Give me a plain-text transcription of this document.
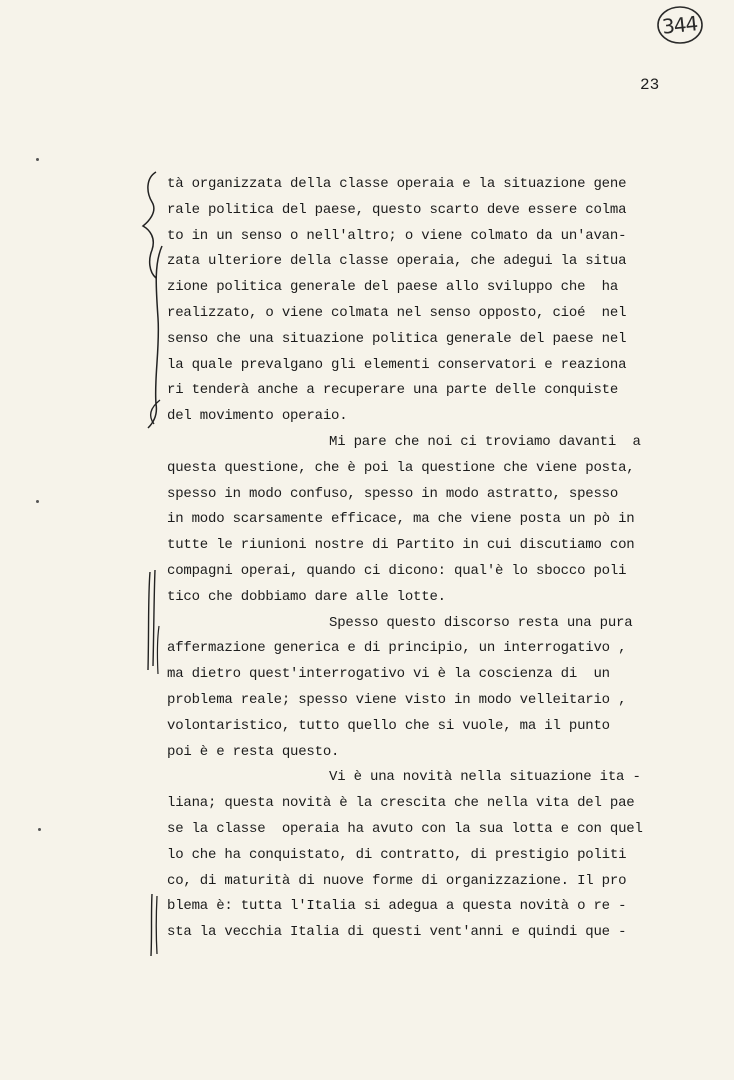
344
23
tà organizzata della classe operaia e la situazione gene
rale politica del paese, questo scarto deve essere colma
to in un senso o nell'altro; o viene colmato da un'avan-
zata ulteriore della classe operaia, che adegui la situa
zione politica generale del paese allo sviluppo che  ha
realizzato, o viene colmata nel senso opposto, cioé  nel
senso che una situazione politica generale del paese nel
la quale prevalgano gli elementi conservatori e reaziona
ri tenderà anche a recuperare una parte delle conquiste
del movimento operaio.
Mi pare che noi ci troviamo davanti  a
questa questione, che è poi la questione che viene posta,
spesso in modo confuso, spesso in modo astratto, spesso
in modo scarsamente efficace, ma che viene posta un pò in
tutte le riunioni nostre di Partito in cui discutiamo con
compagni operai, quando ci dicono: qual'è lo sbocco poli
tico che dobbiamo dare alle lotte.
Spesso questo discorso resta una pura
affermazione generica e di principio, un interrogativo ,
ma dietro quest'interrogativo vi è la coscienza di  un
problema reale; spesso viene visto in modo velleitario ,
volontaristico, tutto quello che si vuole, ma il punto
poi è e resta questo.
Vi è una novità nella situazione ita -
liana; questa novità è la crescita che nella vita del pae
se la classe  operaia ha avuto con la sua lotta e con quel
lo che ha conquistato, di contratto, di prestigio politi
co, di maturità di nuove forme di organizzazione. Il pro
blema è: tutta l'Italia si adegua a questa novità o re -
sta la vecchia Italia di questi vent'anni e quindi que -
